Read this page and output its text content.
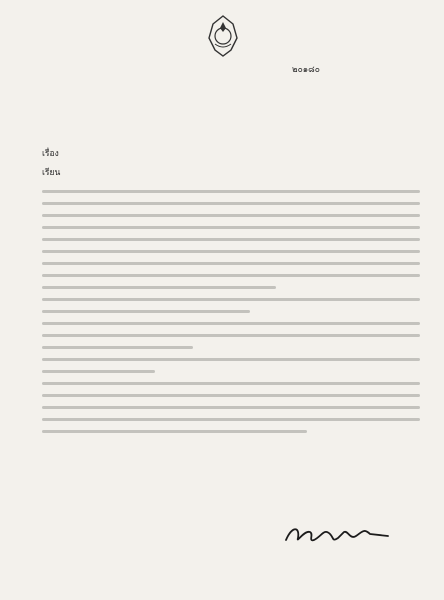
๒๐๑๘๐
เรื่อง
เรียน
